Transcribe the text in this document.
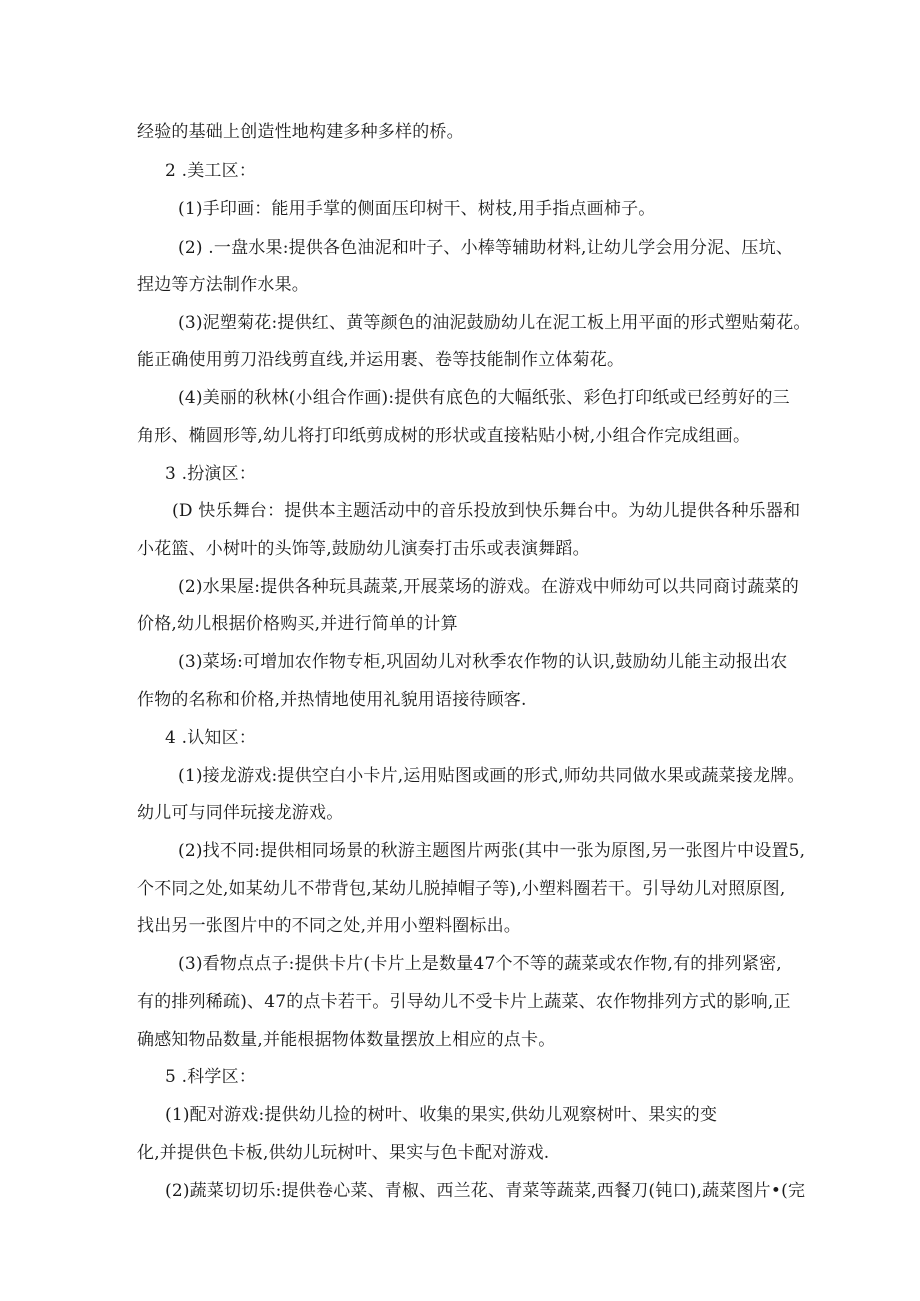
经验的基础上创造性地构建多种多样的桥。
2 .美工区：
(1)手印画：能用手掌的侧面压印树干、树枝,用手指点画柿子。
(2) .一盘水果:提供各色油泥和叶子、小棒等辅助材料,让幼儿学会用分泥、压坑、
捏边等方法制作水果。
(3)泥塑菊花:提供红、黄等颜色的油泥鼓励幼儿在泥工板上用平面的形式塑贴菊花。
能正确使用剪刀沿线剪直线,并运用裹、卷等技能制作立体菊花。
(4)美丽的秋林(小组合作画):提供有底色的大幅纸张、彩色打印纸或已经剪好的三
角形、椭圆形等,幼儿将打印纸剪成树的形状或直接粘贴小树,小组合作完成组画。
3 .扮演区：
(D 快乐舞台：提供本主题活动中的音乐投放到快乐舞台中。为幼儿提供各种乐器和
小花篮、小树叶的头饰等,鼓励幼儿演奏打击乐或表演舞蹈。
(2)水果屋:提供各种玩具蔬菜,开展菜场的游戏。在游戏中师幼可以共同商讨蔬菜的
价格,幼儿根据价格购买,并进行简单的计算
(3)菜场:可增加农作物专柜,巩固幼儿对秋季农作物的认识,鼓励幼儿能主动报出农
作物的名称和价格,并热情地使用礼貌用语接待顾客.
4 .认知区：
(1)接龙游戏:提供空白小卡片,运用贴图或画的形式,师幼共同做水果或蔬菜接龙牌。
幼儿可与同伴玩接龙游戏。
(2)找不同:提供相同场景的秋游主题图片两张(其中一张为原图,另一张图片中设置5,
个不同之处,如某幼儿不带背包,某幼儿脱掉帽子等),小塑料圈若干。引导幼儿对照原图,
找出另一张图片中的不同之处,并用小塑料圈标出。
(3)看物点点子:提供卡片(卡片上是数量47个不等的蔬菜或农作物,有的排列紧密,
有的排列稀疏)、47的点卡若干。引导幼儿不受卡片上蔬菜、农作物排列方式的影响,正
确感知物品数量,并能根据物体数量摆放上相应的点卡。
5 .科学区：
(1)配对游戏:提供幼儿捡的树叶、收集的果实,供幼儿观察树叶、果实的变
化,并提供色卡板,供幼儿玩树叶、果实与色卡配对游戏.
(2)蔬菜切切乐:提供卷心菜、青椒、西兰花、青菜等蔬菜,西餐刀(钝口),蔬菜图片•(完
